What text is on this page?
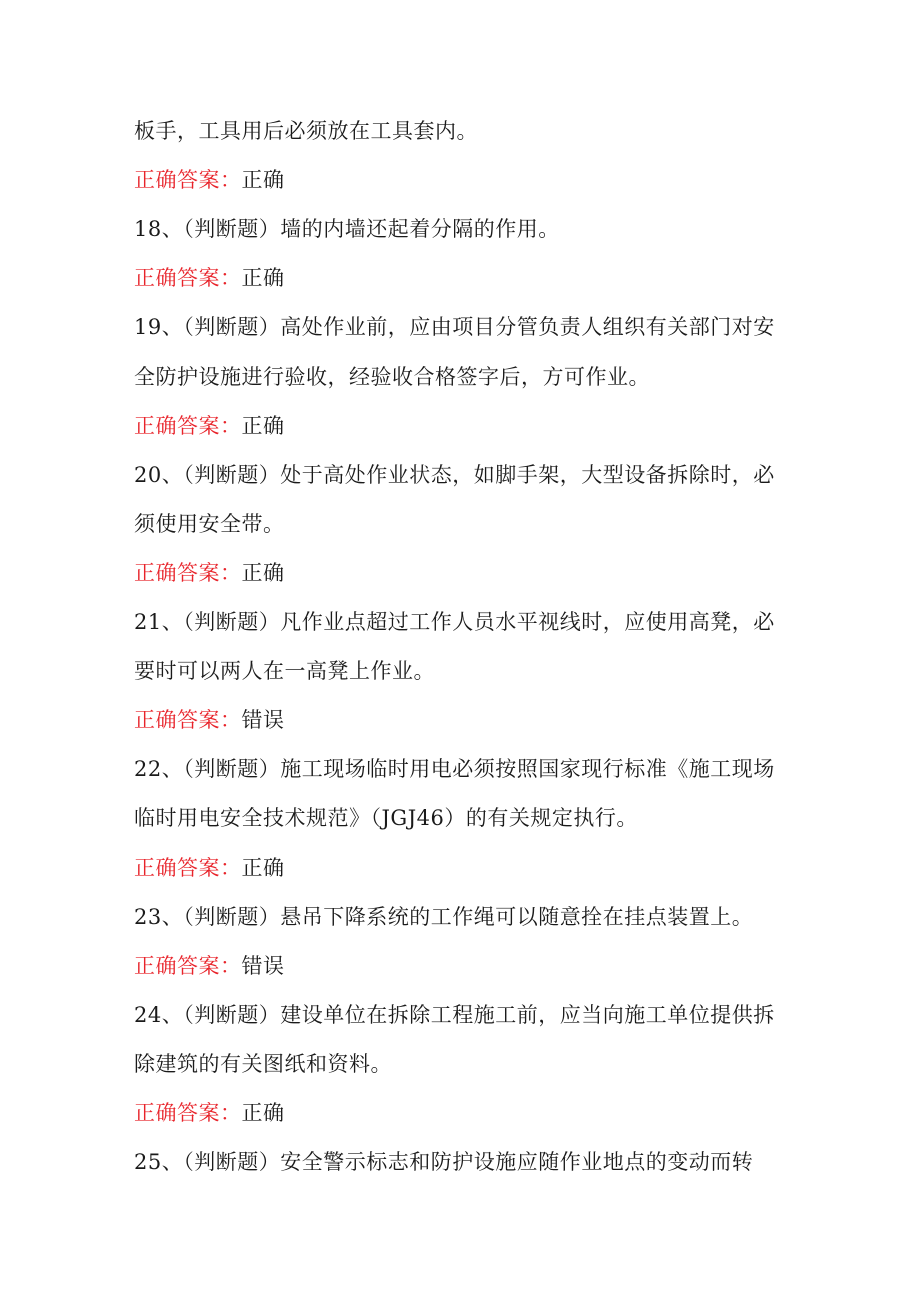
板手，工具用后必须放在工具套内。
正确答案：正确
18、（判断题）墙的内墙还起着分隔的作用。
正确答案：正确
19、（判断题）高处作业前，应由项目分管负责人组织有关部门对安
全防护设施进行验收，经验收合格签字后，方可作业。
正确答案：正确
20、（判断题）处于高处作业状态，如脚手架，大型设备拆除时，必
须使用安全带。
正确答案：正确
21、（判断题）凡作业点超过工作人员水平视线时，应使用高凳，必
要时可以两人在一高凳上作业。
正确答案：错误
22、（判断题）施工现场临时用电必须按照国家现行标准《施工现场
临时用电安全技术规范》（JGJ46）的有关规定执行。
正确答案：正确
23、（判断题）悬吊下降系统的工作绳可以随意拴在挂点装置上。
正确答案：错误
24、（判断题）建设单位在拆除工程施工前，应当向施工单位提供拆
除建筑的有关图纸和资料。
正确答案：正确
25、（判断题）安全警示标志和防护设施应随作业地点的变动而转
